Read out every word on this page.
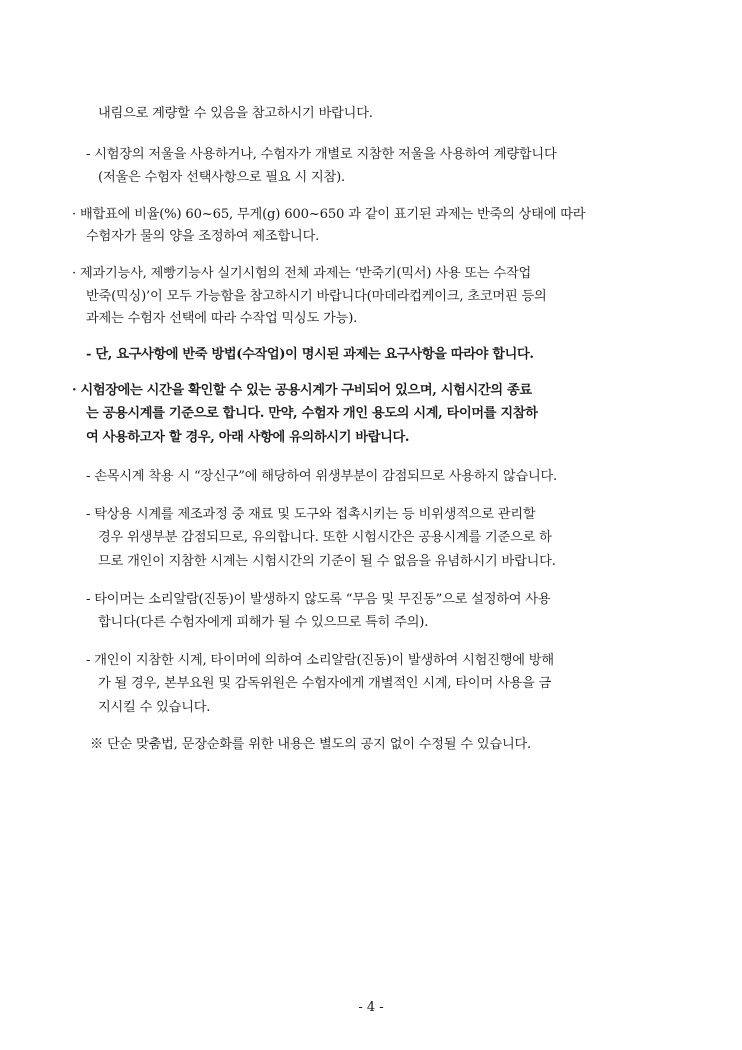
내림으로 계량할 수 있음을 참고하시기 바랍니다.
- 시험장의 저울을 사용하거나, 수험자가 개별로 지참한 저울을 사용하여 계량합니다
(저울은 수험자 선택사항으로 필요 시 지참).
· 배합표에 비율(%) 60~65, 무게(g) 600~650 과 같이 표기된 과제는 반죽의 상태에 따라
수험자가 물의 양을 조정하여 제조합니다.
· 제과기능사, 제빵기능사 실기시험의 전체 과제는 ‘반죽기(믹서) 사용 또는 수작업
반죽(믹싱)’이 모두 가능함을 참고하시기 바랍니다(마데라컵케이크, 초코머핀 등의
과제는 수험자 선택에 따라 수작업 믹싱도 가능).
- 단, 요구사항에 반죽 방법(수작업)이 명시된 과제는 요구사항을 따라야 합니다.
· 시험장에는 시간을 확인할 수 있는 공용시계가 구비되어 있으며, 시험시간의 종료
는 공용시계를 기준으로 합니다. 만약, 수험자 개인 용도의 시계, 타이머를 지참하
여 사용하고자 할 경우, 아래 사항에 유의하시기 바랍니다.
- 손목시계 착용 시 “장신구”에 해당하여 위생부분이 감점되므로 사용하지 않습니다.
- 탁상용 시계를 제조과정 중 재료 및 도구와 접촉시키는 등 비위생적으로 관리할
경우 위생부분 감점되므로, 유의합니다. 또한 시험시간은 공용시계를 기준으로 하
므로 개인이 지참한 시계는 시험시간의 기준이 될 수 없음을 유념하시기 바랍니다.
- 타이머는 소리알람(진동)이 발생하지 않도록 “무음 및 무진동”으로 설정하여 사용
합니다(다른 수험자에게 피해가 될 수 있으므로 특히 주의).
- 개인이 지참한 시계, 타이머에 의하여 소리알람(진동)이 발생하여 시험진행에 방해
가 될 경우, 본부요원 및 감독위원은 수험자에게 개별적인 시계, 타이머 사용을 금
지시킬 수 있습니다.
※ 단순 맞춤법, 문장순화를 위한 내용은 별도의 공지 없이 수정될 수 있습니다.
- 4 -
